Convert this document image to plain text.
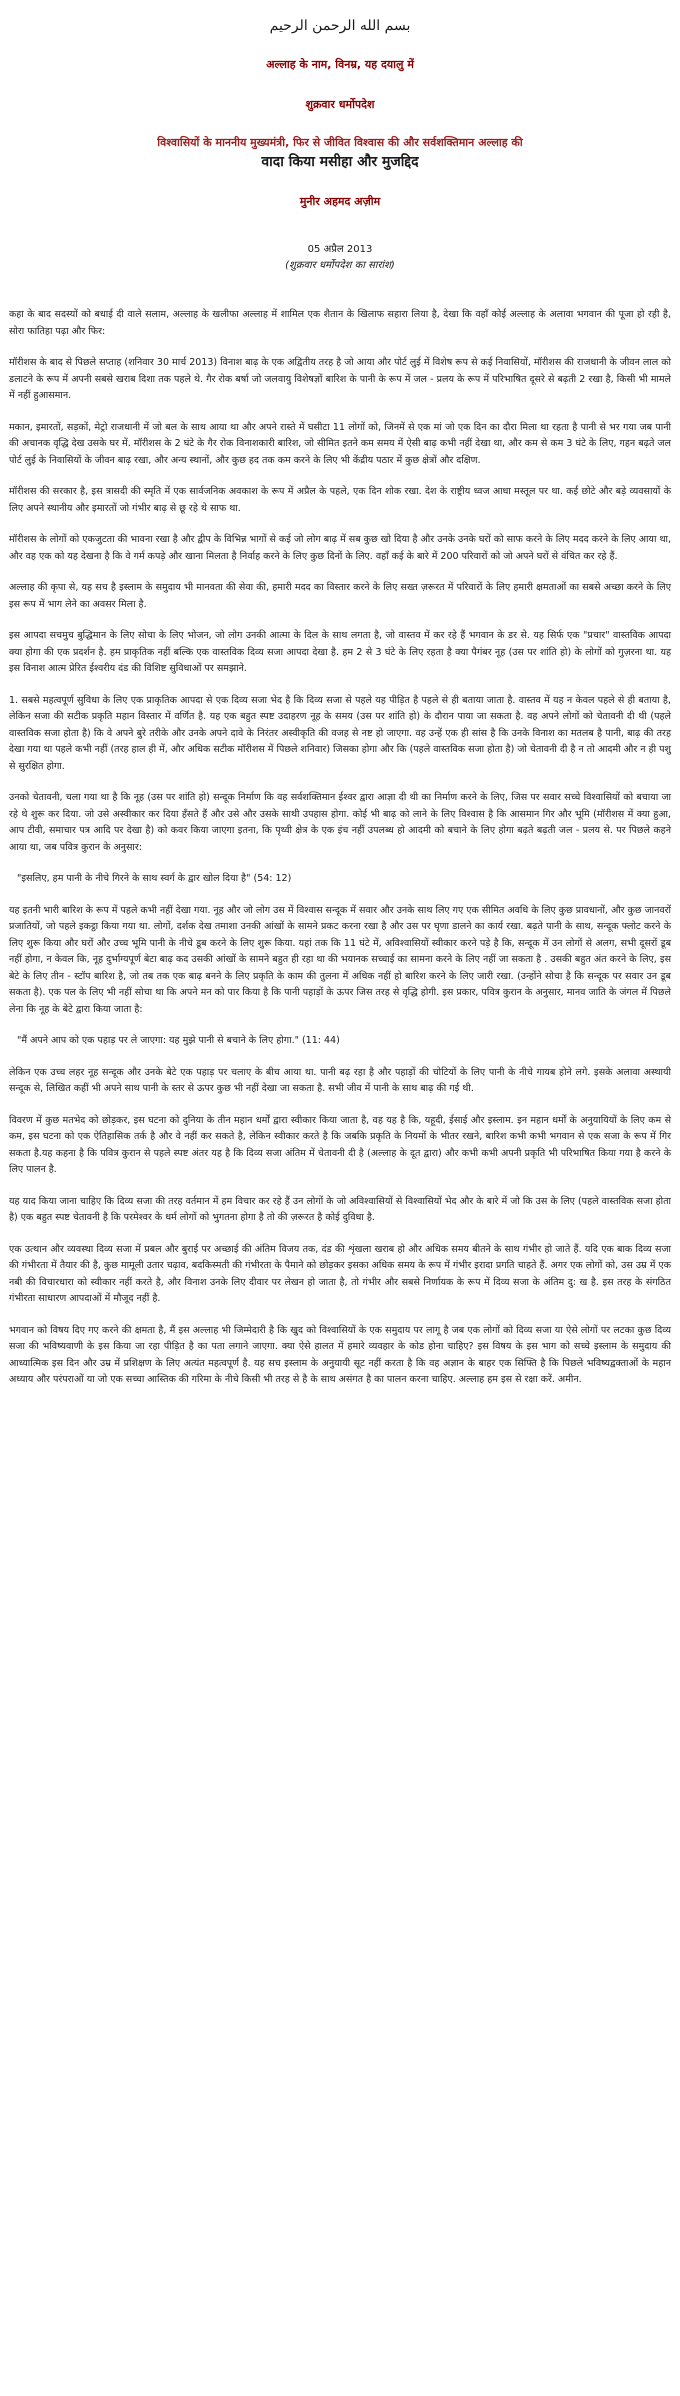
بسم الله الرحمن الرحیم
अल्लाह के नाम, विनम्र, यह दयालु में
शुक्रवार धर्मोपदेश
विश्वासियों के माननीय मुख्यमंत्री, फिर से जीवित विश्वास की और सर्वशक्तिमान अल्लाह की
वादा किया मसीहा और मुजद्दिद
मुनीर अहमद अज़ीम
05 अप्रैल 2013
(शुक्रवार धर्मोपदेश का सारांश)

कहा के बाद सदस्यों को बधाई दी वाले सलाम, अल्लाह के खलीफा अल्लाह में शामिल एक शैतान के खिलाफ सहारा लिया है, देखा कि वहाँ कोई अल्लाह के अलावा भगवान की पूजा हो रही है, सोरा फातिहा पढ़ा और फिर:

मॉरीशस के बाद से पिछले सप्ताह (शनिवार 30 मार्च 2013) विनाश बाढ़ के एक अद्वितीय तरह है जो आया और पोर्ट लुई में विशेष रूप से कई निवासियों, मॉरीशस की राजधानी के जीवन लाल को डलाटने के रूप में अपनी सबसे खराब दिशा तक पहले थे. गैर रोक बर्षा जो जलवायु विशेषज्ञों बारिश के पानी के रूप में जल - प्रलय के रूप में परिभाषित दूसरे से बढ़ती 2 रखा है, किसी भी मामले में नहीं हुआसमान.

मकान, इमारतों, सड़कों, मेट्रो राजधानी में जो बल के साथ आया था और अपने रास्ते में घसीटा 11 लोगों को, जिनमें से एक मां जो एक दिन का दौरा मिला था रहता है पानी से भर गया जब पानी की अचानक वृद्धि देख उसके घर में. मॉरीशस के 2 घंटे के गैर रोक विनाशकारी बारिश, जो सीमित इतने कम समय में ऐसी बाढ़ कभी नहीं देखा था, और कम से कम 3 घंटे के लिए, गहन बढ़ते जल पोर्ट लुई के निवासियों के जीवन बाढ़ रखा, और अन्य स्थानों, और कुछ हद तक कम करने के लिए भी केंद्रीय पठार में कुछ क्षेत्रों और दक्षिण.

मॉरीशस की सरकार है, इस त्रासदी की स्मृति में एक सार्वजनिक अवकाश के रूप में अप्रैल के पहले, एक दिन शोक रखा. देश के राष्ट्रीय ध्वज आधा मस्तूल पर था. कई छोटे और बड़े व्यवसायों के लिए अपने स्थानीय और इमारतों जो गंभीर बाढ़ से छू रहे थे साफ था.

मॉरीशस के लोगों को एकजुटता की भावना रखा है और द्वीप के विभिन्न भागों से कई जो लोग बाढ़ में सब कुछ खो दिया है और उनके उनके घरों को साफ करने के लिए मदद करने के लिए आया था, और वह एक को यह देखना है कि वे गर्म कपड़े और खाना मिलता है निर्वाह करने के लिए कुछ दिनों के लिए. वहाँ कई के बारे में 200 परिवारों को जो अपने घरों से वंचित कर रहे हैं.

अल्लाह की कृपा से, यह सच है इस्लाम के समुदाय भी मानवता की सेवा की, हमारी मदद का विस्तार करने के लिए सख्त ज़रूरत में परिवारों के लिए हमारी क्षमताओं का सबसे अच्छा करने के लिए इस रूप में भाग लेने का अवसर मिला है.

इस आपदा सचमुच बुद्धिमान के लिए सोचा के लिए भोजन, जो लोग उनकी आत्मा के दिल के साथ लगता है, जो वास्तव में कर रहे हैं भगवान के डर से. यह सिर्फ एक "प्रचार" वास्तविक आपदा क्या होगा की एक प्रदर्शन है. हम प्राकृतिक नहीं बल्कि एक वास्तविक दिव्य सजा आपदा देखा है. हम 2 से 3 घंटे के लिए रहता है क्या पैगंबर नूह (उस पर शांति हो) के लोगों को गुज़रना था. यह इस विनाश आत्म प्रेरित ईश्वरीय दंड की विशिष्ट सुविधाओं पर समझाने.

1. सबसे महत्वपूर्ण सुविधा के लिए एक प्राकृतिक आपदा से एक दिव्य सजा भेद है कि दिव्य सजा से पहले यह पीड़ित है पहले से ही बताया जाता है. वास्तव में यह न केवल पहले से ही बताया है, लेकिन सजा की सटीक प्रकृति महान विस्तार में वर्णित है. यह एक बहुत स्पष्ट उदाहरण नूह के समय (उस पर शांति हो) के दौरान पाया जा सकता है. वह अपने लोगों को चेतावनी दी थी (पहले वास्तविक सजा होता है) कि वे अपने बुरे तरीके और उनके अपने दावे के निरंतर अस्वीकृति की वजह से नष्ट हो जाएगा. वह उन्हें एक ही सांस है कि उनके विनाश का मतलब है पानी, बाढ़ की तरह देखा गया था पहले कभी नहीं (तरह हाल ही में, और अधिक सटीक मॉरीशस में पिछले शनिवार) जिसका होगा और कि (पहले वास्तविक सजा होता है) जो चेतावनी दी है न तो आदमी और न ही पशु से सुरक्षित होगा.

उनको चेतावनी, चला गया था है कि नूह (उस पर शांति हो) सन्दूक निर्माण कि वह सर्वशक्तिमान ईश्वर द्वारा आज्ञा दी थी का निर्माण करने के लिए, जिस पर सवार सच्चे विश्वासियों को बचाया जा रहे थे शुरू कर दिया. जो उसे अस्वीकार कर दिया हँसते हैं और उसे और उसके साथी उपहास होगा. कोई भी बाढ़ को लाने के लिए विश्वास है कि आसमान गिर और भूमि (मॉरीशस में क्या हुआ, आप टीवी, समाचार पत्र आदि पर देखा है) को कवर किया जाएगा इतना, कि पृथ्वी क्षेत्र के एक इंच नहीं उपलब्ध हो आदमी को बचाने के लिए होगा बढ़ते बढ़ती जल - प्रलय से. पर पिछले कहने आया था, जब पवित्र कुरान के अनुसार:

"इसलिए, हम पानी के नीचे गिरने के साथ स्वर्ग के द्वार खोल दिया है" (54: 12)

यह इतनी भारी बारिश के रूप में पहले कभी नहीं देखा गया. नूह और जो लोग उस में विश्वास सन्दूक में सवार और उनके साथ लिए गए एक सीमित अवधि के लिए कुछ प्रावधानों, और कुछ जानवरों प्रजातियों, जो पहले इकट्ठा किया गया था. लोगों, दर्शक देख तमाशा उनकी आंखों के सामने प्रकट करना रखा है और उस पर घृणा डालने का कार्य रखा. बढ़ते पानी के साथ, सन्दूक फ्लोट करने के लिए शुरू किया और घरों और उच्च भूमि पानी के नीचे डूब करने के लिए शुरू किया. यहां तक कि 11 घंटे में, अविश्वासियों स्वीकार करने पड़े है कि, सन्दूक में उन लोगों से अलग, सभी दूसरों डूब नहीं होगा, न केवल कि, नूह दुर्भाग्यपूर्ण बेटा बाढ़ कद उसकी आंखों के सामने बहुत ही रहा था की भयानक सच्चाई का सामना करने के लिए नहीं जा सकता है . उसकी बहुत अंत करने के लिए, इस बेटे के लिए तीन - स्टॉप बारिश है, जो तब तक एक बाढ़ बनने के लिए प्रकृति के काम की तुलना में अधिक नहीं हो बारिश करने के लिए जारी रखा. (उन्होंने सोचा है कि सन्दूक पर सवार उन डूब सकता है). एक पल के लिए भी नहीं सोचा था कि अपने मन को पार किया है कि पानी पहाड़ों के ऊपर जिस तरह से वृद्धि होगी. इस प्रकार, पवित्र कुरान के अनुसार, मानव जाति के जंगल में पिछले लेना कि नूह के बेटे द्वारा किया जाता है:

"मैं अपने आप को एक पहाड़ पर ले जाएगा: यह मुझे पानी से बचाने के लिए होगा." (11: 44)

लेकिन एक उच्च लहर नूह सन्दूक और उनके बेटे एक पहाड़ पर चलाए के बीच आया था. पानी बढ़ रहा है और पहाड़ों की चोटियों के लिए पानी के नीचे गायब होने लगे. इसके अलावा अस्थायी सन्दूक से, लिखित कहीं भी अपने साथ पानी के स्तर से ऊपर कुछ भी नहीं देखा जा सकता है. सभी जीव में पानी के साथ बाढ़ की गई थी.

विवरण में कुछ मतभेद को छोड़कर, इस घटना को दुनिया के तीन महान धर्मों द्वारा स्वीकार किया जाता है, वह यह है कि, यहूदी, ईसाई और इस्लाम. इन महान धर्मों के अनुयायियों के लिए कम से कम, इस घटना को एक ऐतिहासिक तर्क है और वे नहीं कर सकते है, लेकिन स्वीकार करते है कि जबकि प्रकृति के नियमों के भीतर रखने, बारिश कभी कभी भगवान से एक सजा के रूप में गिर सकता है.यह कहना है कि पवित्र कुरान से पहले स्पष्ट अंतर यह है कि दिव्य सजा अंतिम में चेतावनी दी है (अल्लाह के दूत द्वारा) और कभी कभी अपनी प्रकृति भी परिभाषित किया गया है करने के लिए पालन है.

यह याद किया जाना चाहिए कि दिव्य सजा की तरह वर्तमान में हम विचार कर रहे हैं उन लोगों के जो अविश्वासियों से विश्वासियों भेद और के बारे में जो कि उस के लिए (पहले वास्तविक सजा होता है) एक बहुत स्पष्ट चेतावनी है कि परमेश्वर के धर्म लोगों को भुगतना होगा है तो की ज़रूरत है कोई दुविधा है.

एक उत्थान और व्यवस्था दिव्य सजा में प्रबल और बुराई पर अच्छाई की अंतिम विजय तक, दंड की शृंखला खराब हो और अधिक समय बीतने के साथ गंभीर हो जाते हैं. यदि एक बाक दिव्य सजा की गंभीरता में तैयार की है, कुछ मामूली उतार चढ़ाव, बदकिस्मती की गंभीरता के पैमाने को छोड़कर इसका अधिक समय के रूप में गंभीर इरादा प्रगति चाहते हैं. अगर एक लोगों को, उस उम्र में एक नबी की विचारधारा को स्वीकार नहीं करते है, और विनाश उनके लिए दीवार पर लेखन हो जाता है, तो गंभीर और सबसे निर्णायक के रूप में दिव्य सजा के अंतिम दु: ख है. इस तरह के संगठित गंभीरता साधारण आपदाओं में मौजूद नहीं है.

भगवान को विषय दिए गए करने की क्षमता है, मैं इस अल्लाह भी जिम्मेदारी है कि खुद को विश्वासियों के एक समुदाय पर लागू है जब एक लोगों को दिव्य सजा या ऐसे लोगों पर लटका कुछ दिव्य सजा की भविष्यवाणी के इस किया जा रहा पीड़ित है का पता लगाने जाएगा. क्या ऐसे हालत में हमारे व्यवहार के कोड होना चाहिए? इस विषय के इस भाग को सच्चे इस्लाम के समुदाय की आध्यात्मिक इस दिन और उम्र में प्रशिक्षण के लिए अत्यंत महत्वपूर्ण है. यह सच इस्लाम के अनुयायी सूट नहीं करता है कि वह अज्ञान के बाहर एक सिफ्ति है कि पिछले भविष्यद्वक्ताओं के महान अध्याय और परंपराओं या जो एक सच्चा आस्तिक की गरिमा के नीचे किसी भी तरह से है के साथ असंगत है का पालन करना चाहिए. अल्लाह हम इस से रक्षा करें. अमीन.
